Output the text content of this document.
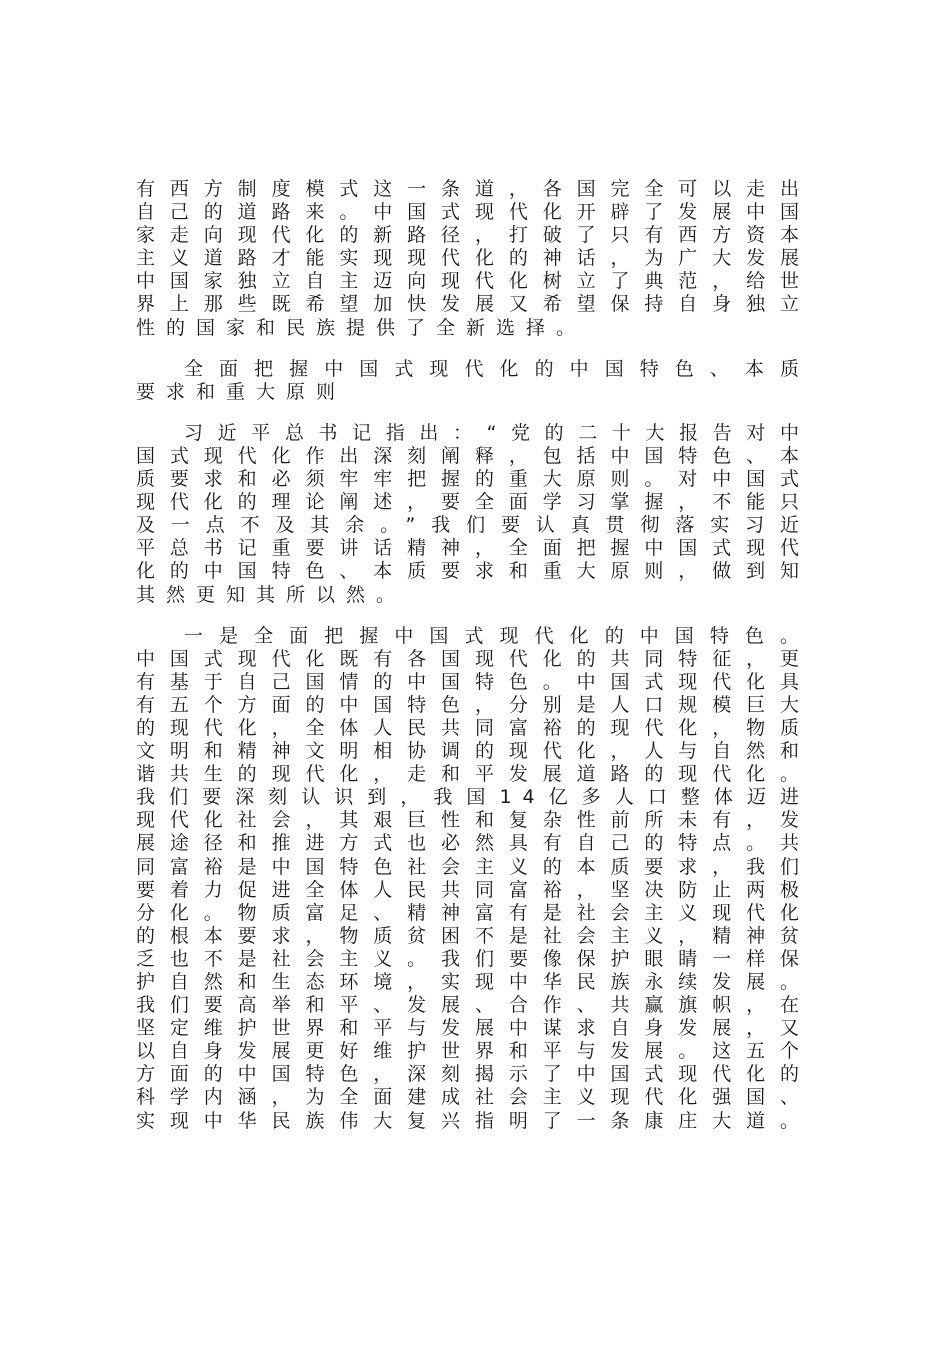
有西方制度模式这一条道，各国完全可以走出
自己的道路来。中国式现代化开辟了发展中国
家走向现代化的新路径，打破了只有西方资本
主义道路才能实现现代化的神话，为广大发展
中国家独立自主迈向现代化树立了典范，给世
界上那些既希望加快发展又希望保持自身独立
性的国家和民族提供了全新选择。
全面把握中国式现代化的中国特色、本质
要求和重大原则
习近平总书记指出：“党的二十大报告对中
国式现代化作出深刻阐释，包括中国特色、本
质要求和必须牢牢把握的重大原则。对中国式
现代化的理论阐述，要全面学习掌握，不能只
及一点不及其余。”我们要认真贯彻落实习近
平总书记重要讲话精神，全面把握中国式现代
化的中国特色、本质要求和重大原则，做到知
其然更知其所以然。
一是全面把握中国式现代化的中国特色。
中国式现代化既有各国现代化的共同特征，更
有基于自己国情的中国特色。中国式现代化具
有五个方面的中国特色，分别是人口规模巨大
的现代化，全体人民共同富裕的现代化，物质
文明和精神文明相协调的现代化，人与自然和
谐共生的现代化，走和平发展道路的现代化。
我们要深刻认识到，我国14亿多人口整体迈进
现代化社会，其艰巨性和复杂性前所未有，发
展途径和推进方式也必然具有自己的特点。共
同富裕是中国特色社会主义的本质要求，我们
要着力促进全体人民共同富裕，坚决防止两极
分化。物质富足、精神富有是社会主义现代化
的根本要求，物质贫困不是社会主义，精神贫
乏也不是社会主义。我们要像保护眼睛一样保
护自然和生态环境，实现中华民族永续发展。
我们要高举和平、发展、合作、共赢旗帜，在
坚定维护世界和平与发展中谋求自身发展，又
以自身发展更好维护世界和平与发展。这五个
方面的中国特色，深刻揭示了中国式现代化的
科学内涵，为全面建成社会主义现代化强国、
实现中华民族伟大复兴指明了一条康庄大道。
